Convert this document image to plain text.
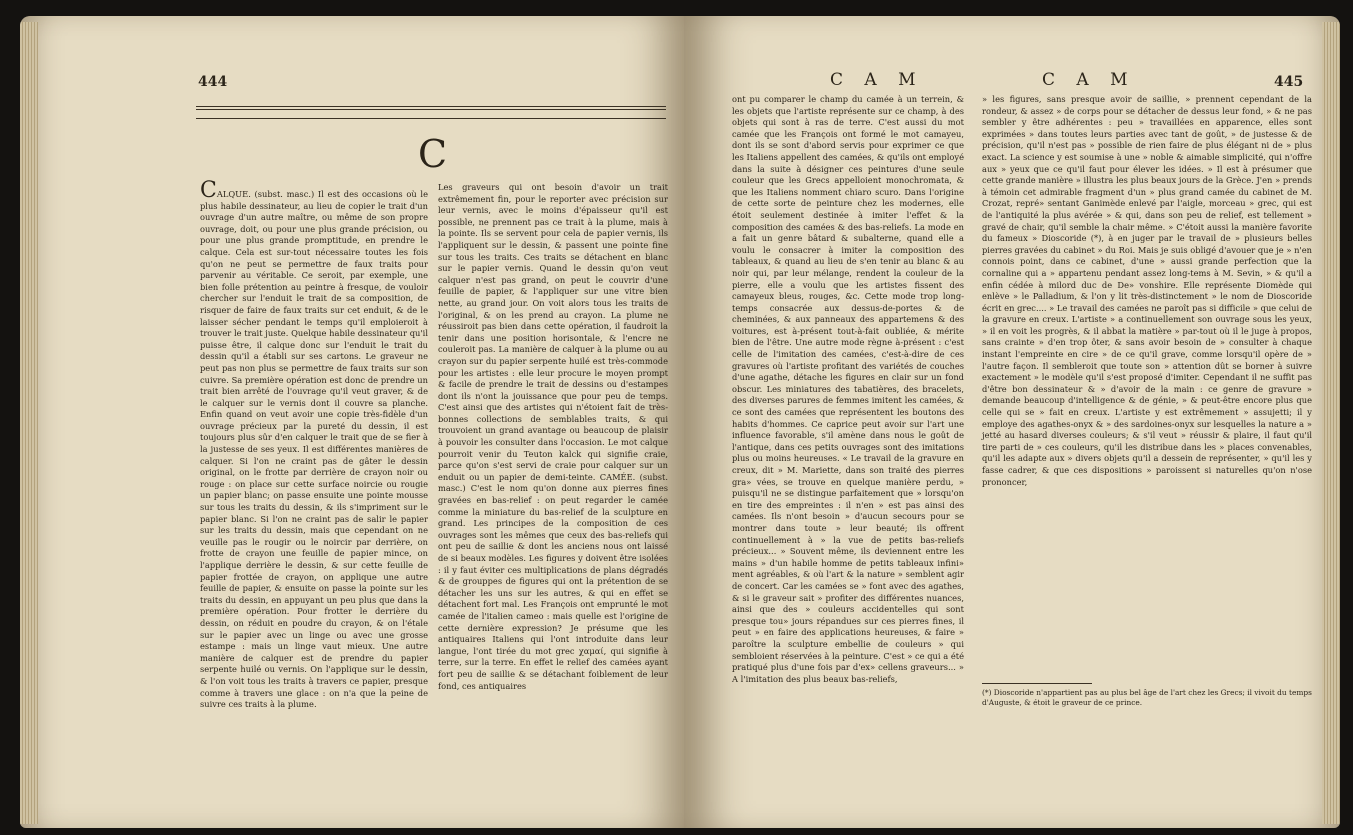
444
C

CALQUE. (subst. masc.) Il est des occasions où le plus habile dessinateur, au lieu de copier le trait d'un ouvrage d'un autre maître, ou même de son propre ouvrage, doit, ou pour une plus grande précision, ou pour une plus grande promptitude, en prendre le calque. Cela est sur-tout nécessaire toutes les fois qu'on ne peut se permettre de faux traits pour parvenir au véritable. Ce seroit, par exemple, une bien folle prétention au peintre à fresque, de vouloir chercher sur l'enduit le trait de sa composition, de risquer de faire de faux traits sur cet enduit, & de le laisser sécher pendant le temps qu'il emploieroit à trouver le trait juste. Quelque habile dessinateur qu'il puisse être, il calque donc sur l'enduit le trait du dessin qu'il a établi sur ses cartons. Le graveur ne peut pas non plus se permettre de faux traits sur son cuivre. Sa première opération est donc de prendre un trait bien arrêté de l'ouvrage qu'il veut graver, & de le calquer sur le vernis dont il couvre sa planche. Enfin quand on veut avoir une copie très-fidèle d'un ouvrage précieux par la pureté du dessin, il est toujours plus sûr d'en calquer le trait que de se fier à la justesse de ses yeux. Il est différentes manières de calquer. Si l'on ne craint pas de gâter le dessin original, on le frotte par derrière de crayon noir ou rouge : on place sur cette surface noircie ou rougie un papier blanc; on passe ensuite une pointe mousse sur tous les traits du dessin, & ils s'impriment sur le papier blanc. Si l'on ne craint pas de salir le papier sur les traits du dessin, mais que cependant on ne veuille pas le rougir ou le noircir par derrière, on frotte de crayon une feuille de papier mince, on l'applique derrière le dessin, & sur cette feuille de papier frottée de crayon, on applique une autre feuille de papier, & ensuite on passe la pointe sur les traits du dessin, en appuyant un peu plus que dans la première opération. Pour frotter le derrière du dessin, on réduit en poudre du crayon, & on l'étale sur le papier avec un linge ou avec une grosse estampe : mais un linge vaut mieux. Une autre manière de calquer est de prendre du papier serpente huilé ou vernis. On l'applique sur le dessin, & l'on voit tous les traits à travers ce papier, presque comme à travers une glace : on n'a que la peine de suivre ces traits à la plume.

Les graveurs qui ont besoin d'avoir un trait extrêmement fin, pour le reporter avec précision sur leur vernis, avec le moins d'épaisseur qu'il est possible, ne prennent pas ce trait à la plume, mais à la pointe. Ils se servent pour cela de papier vernis, ils l'appliquent sur le dessin, & passent une pointe fine sur tous les traits. Ces traits se détachent en blanc sur le papier vernis. Quand le dessin qu'on veut calquer n'est pas grand, on peut le couvrir d'une feuille de papier, & l'appliquer sur une vitre bien nette, au grand jour. On voit alors tous les traits de l'original, & on les prend au crayon. La plume ne réussiroit pas bien dans cette opération, il faudroit la tenir dans une position horisontale, & l'encre ne couleroit pas. La manière de calquer à la plume ou au crayon sur du papier serpente huilé est très-commode pour les artistes : elle leur procure le moyen prompt & facile de prendre le trait de dessins ou d'estampes dont ils n'ont la jouissance que pour peu de temps. C'est ainsi que des artistes qui n'étoient fait de très-bonnes collections de semblables traits, & qui trouvoient un grand avantage ou beaucoup de plaisir à pouvoir les consulter dans l'occasion. Le mot calque pourroit venir du Teuton kalck qui signifie craie, parce qu'on s'est servi de craie pour calquer sur un enduit ou un papier de demi-teinte. CAMÉE. (subst. masc.) C'est le nom qu'on donne aux pierres fines gravées en bas-relief : on peut regarder le camée comme la miniature du bas-relief de la sculpture en grand. Les principes de la composition de ces ouvrages sont les mêmes que ceux des bas-reliefs qui ont peu de saillie & dont les anciens nous ont laissé de si beaux modèles. Les figures y doivent être isolées : il y faut éviter ces multiplications de plans dégradés & de grouppes de figures qui ont la prétention de se détacher les uns sur les autres, & qui en effet se détachent fort mal. Les François ont emprunté le mot camée de l'italien cameo : mais quelle est l'origine de cette dernière expression? Je présume que les antiquaires Italiens qui l'ont introduite dans leur langue, l'ont tirée du mot grec χαμαί, qui signifie à terre, sur la terre. En effet le relief des camées ayant fort peu de saillie & se détachant foiblement de leur fond, ces antiquaires

C A M	C A M	445

ont pu comparer le champ du camée à un terrein, & les objets que l'artiste représente sur ce champ, à des objets qui sont à ras de terre. C'est aussi du mot camée que les François ont formé le mot camayeu, dont ils se sont d'abord servis pour exprimer ce que les Italiens appellent des camées, & qu'ils ont employé dans la suite à désigner ces peintures d'une seule couleur que les Grecs appelloient monochromata, & que les Italiens nomment chiaro scuro. Dans l'origine de cette sorte de peinture chez les modernes, elle étoit seulement destinée à imiter l'effet & la composition des camées & des bas-reliefs. La mode en a fait un genre bâtard & subalterne, quand elle a voulu le consacrer à imiter la composition des tableaux, & quand au lieu de s'en tenir au blanc & au noir qui, par leur mélange, rendent la couleur de la pierre, elle a voulu que les artistes fissent des camayeux bleus, rouges, &c. Cette mode trop long-temps consacrée aux dessus-de-portes & de cheminées, & aux panneaux des appartemens & des voitures, est à-présent tout-à-fait oubliée, & mérite bien de l'être. Une autre mode règne à-présent : c'est celle de l'imitation des camées, c'est-à-dire de ces gravures où l'artiste profitant des variétés de couches d'une agathe, détache les figures en clair sur un fond obscur. Les miniatures des tabatières, des bracelets, des diverses parures de femmes imitent les camées, & ce sont des camées que représentent les boutons des habits d'hommes. Ce caprice peut avoir sur l'art une influence favorable, s'il amène dans nous le goût de l'antique, dans ces petits ouvrages sont des imitations plus ou moins heureuses. « Le travail de la gravure en creux, dit » M. Mariette, dans son traité des pierres gra» vées, se trouve en quelque manière perdu, » puisqu'il ne se distingue parfaitement que » lorsqu'on en tire des empreintes : il n'en » est pas ainsi des camées. Ils n'ont besoin » d'aucun secours pour se montrer dans toute » leur beauté; ils offrent continuellement à » la vue de petits bas-reliefs précieux... » Souvent même, ils deviennent entre les mains » d'un habile homme de petits tableaux infini» ment agréables, & où l'art & la nature » semblent agir de concert. Car les camées se » font avec des agathes, & si le graveur sait » profiter des différentes nuances, ainsi que des » couleurs accidentelles qui sont presque tou» jours répandues sur ces pierres fines, il peut » en faire des applications heureuses, & faire » paroître la sculpture embellie de couleurs » qui sembloient réservées à la peinture. C'est » ce qui a été pratiqué plus d'une fois par d'ex» cellens graveurs... » A l'imitation des plus beaux bas-reliefs,

» les figures, sans presque avoir de saillie, » prennent cependant de la rondeur, & assez » de corps pour se détacher de dessus leur fond, » & ne pas sembler y être adhérentes : peu » travaillées en apparence, elles sont exprimées » dans toutes leurs parties avec tant de goût, » de justesse & de précision, qu'il n'est pas » possible de rien faire de plus élégant ni de » plus exact. La science y est soumise à une » noble & aimable simplicité, qui n'offre aux » yeux que ce qu'il faut pour élever les idées. » Il est à présumer que cette grande manière » illustra les plus beaux jours de la Grèce. J'en » prends à témoin cet admirable fragment d'un » plus grand camée du cabinet de M. Crozat, repré» sentant Ganimède enlevé par l'aigle, morceau » grec, qui est de l'antiquité la plus avérée » & qui, dans son peu de relief, est tellement » gravé de chair, qu'il semble la chair même. » C'étoit aussi la manière favorite du fameux » Dioscoride (*), à en juger par le travail de » plusieurs belles pierres gravées du cabinet » du Roi. Mais je suis obligé d'avouer que je » n'en connois point, dans ce cabinet, d'une » aussi grande perfection que la cornaline qui a » appartenu pendant assez long-tems à M. Sevin, » & qu'il a enfin cédée à milord duc de De» vonshire. Elle représente Diomède qui enlève » le Palladium, & l'on y lit très-distinctement » le nom de Dioscoride écrit en grec.... » Le travail des camées ne paroît pas si difficile » que celui de la gravure en creux. L'artiste » a continuellement son ouvrage sous les yeux, » il en voit les progrès, & il abbat la matière » par-tout où il le juge à propos, sans crainte » d'en trop ôter, & sans avoir besoin de » consulter à chaque instant l'empreinte en cire » de ce qu'il grave, comme lorsqu'il opère de » l'autre façon. Il sembleroit que toute son » attention dût se borner à suivre exactement » le modèle qu'il s'est proposé d'imiter. Cependant il ne suffit pas d'être bon dessinateur & » d'avoir de la main : ce genre de gravure » demande beaucoup d'intelligence & de génie, » & peut-être encore plus que celle qui se » fait en creux. L'artiste y est extrêmement » assujetti; il y employe des agathes-onyx & » des sardoines-onyx sur lesquelles la nature a » jetté au hasard diverses couleurs; & s'il veut » réussir & plaire, il faut qu'il tire parti de » ces couleurs, qu'il les distribue dans les » places convenables, qu'il les adapte aux » divers objets qu'il a dessein de représenter, » qu'il les y fasse cadrer, & que ces dispositions » paroissent si naturelles qu'on n'ose prononcer,

(*) Dioscoride n'appartient pas au plus bel âge de l'art chez les Grecs; il vivoit du temps d'Auguste, & étoit le graveur de ce prince.
